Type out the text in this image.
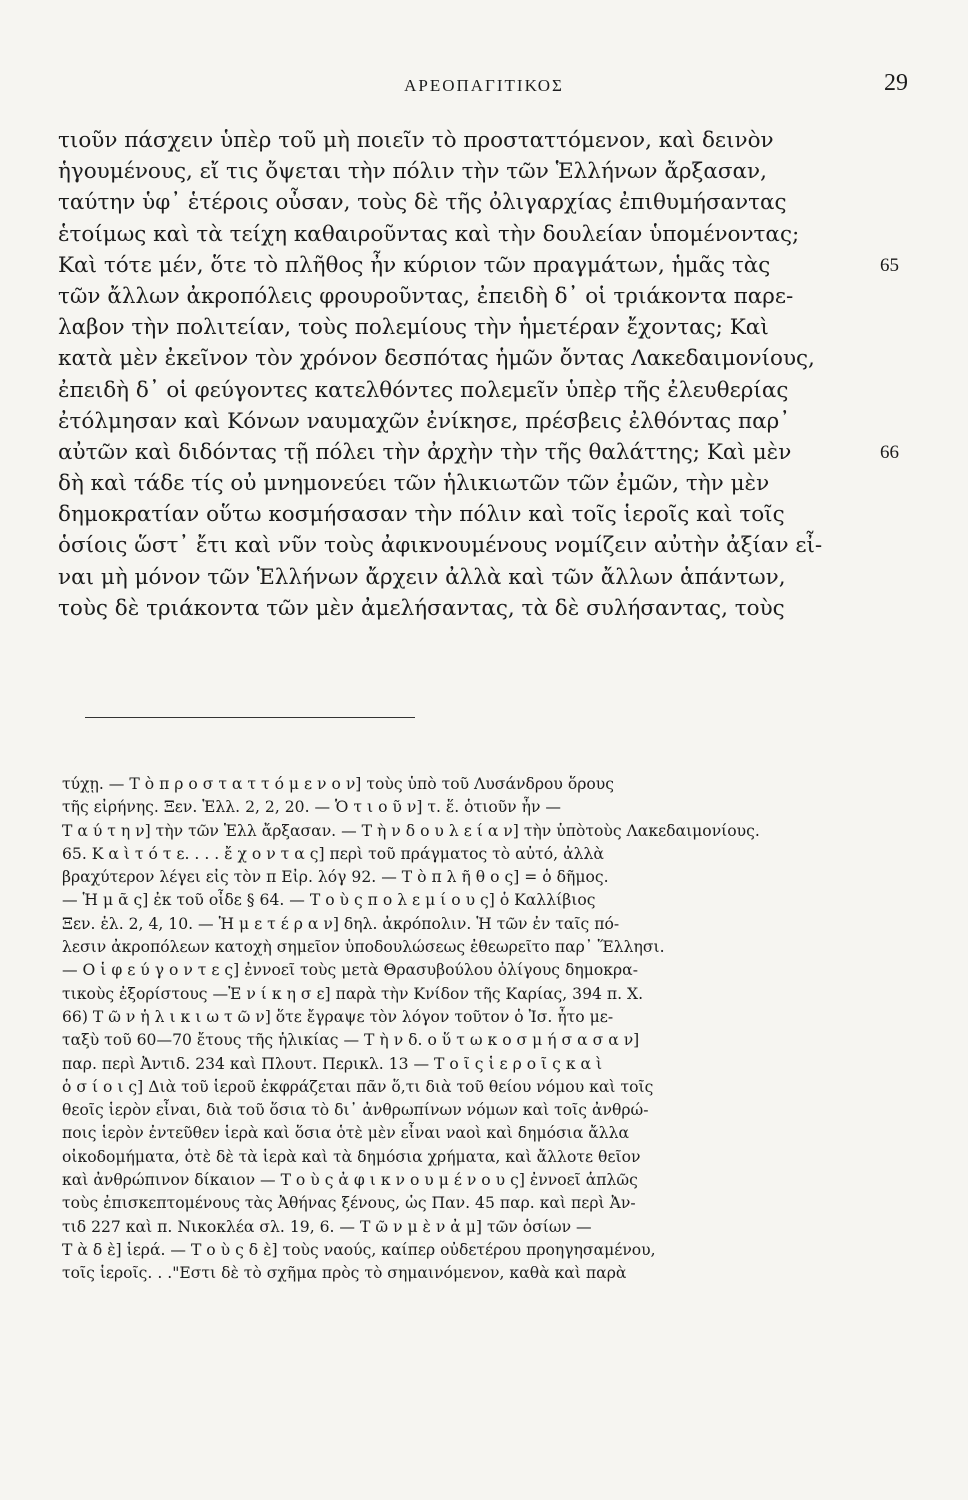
ΑΡΕΟΠΑΓΙΤΙΚΟΣ	29
τιοῦν πάσχειν ὑπὲρ τοῦ μὴ ποιεῖν τὸ προσταττόμενον, καὶ δεινὸν
ἡγουμένους, εἴ τις ὄψεται τὴν πόλιν τὴν τῶν Ἑλλήνων ἄρξασαν,
ταύτην ὑφ᾽ ἑτέροις οὖσαν, τοὺς δὲ τῆς ὀλιγαρχίας ἐπιθυμήσαντας
ἑτοίμως καὶ τὰ τείχη καθαιροῦντας καὶ τὴν δουλείαν ὑπομένοντας;
Καὶ τότε μέν, ὅτε τὸ πλῆθος ἦν κύριον τῶν πραγμάτων, ἡμᾶς τὰς	65
τῶν ἄλλων ἀκροπόλεις φρουροῦντας, ἐπειδὴ δ᾽ οἱ τριάκοντα παρε-
λαβον τὴν πολιτείαν, τοὺς πολεμίους τὴν ἡμετέραν ἔχοντας; Καὶ
κατὰ μὲν ἐκεῖνον τὸν χρόνον δεσπότας ἡμῶν ὄντας Λακεδαιμονίους,
ἐπειδὴ δ᾽ οἱ φεύγοντες κατελθόντες πολεμεῖν ὑπὲρ τῆς ἐλευθερίας
ἐτόλμησαν καὶ Κόνων ναυμαχῶν ἐνίκησε, πρέσβεις ἐλθόντας παρ᾽
αὐτῶν καὶ διδόντας τῇ πόλει τὴν ἀρχὴν τὴν τῆς θαλάττης; Καὶ μὲν	66
δὴ καὶ τάδε τίς οὐ μνημονεύει τῶν ἡλικιωτῶν τῶν ἐμῶν, τὴν μὲν
δημοκρατίαν οὕτω κοσμήσασαν τὴν πόλιν καὶ τοῖς ἱεροῖς καὶ τοῖς
ὁσίοις ὥστ᾽ ἔτι καὶ νῦν τοὺς ἀφικνουμένους νομίζειν αὐτὴν ἀξίαν εἶ-
ναι μὴ μόνον τῶν Ἑλλήνων ἄρχειν ἀλλὰ καὶ τῶν ἄλλων ἁπάντων,
τοὺς δὲ τριάκοντα τῶν μὲν ἀμελήσαντας, τὰ δὲ συλήσαντας, τοὺς
τύχῃ. — Τ ὸ π ρ ο σ τ α τ τ ό μ ε ν ο ν] τοὺς ὑπὸ τοῦ Λυσάνδρου ὅρουςτῆς εἰρήνης. Ξεν. Ἑλλ. 2, 2, 20. — Ὁ τ ι ο ῦ ν] τ. ἕ. ὁτιοῦν ἦν —Τ α ύ τ η ν] τὴν τῶν Ἑλλ ἄρξασαν. — Τ ὴ ν δ ο υ λ ε ί α ν] τὴν ὑπὸτοὺς Λακεδαιμονίους.65. Κ α ὶ τ ό τ ε. . . . ἔ χ ο ν τ α ς] περὶ τοῦ πράγματος τὸ αὐτό, ἀλλὰβραχύτερον λέγει εἰς τὸν π Εἰρ. λόγ 92. — Τ ὸ π λ ῆ θ ο ς] = ὁ δῆμος.— Ἡ μ ᾶ ς] ἐκ τοῦ οἶδε § 64. — Τ ο ὺ ς π ο λ ε μ ί ο υ ς] ὁ ΚαλλίβιοςΞεν. ἑλ. 2, 4, 10. — Ἡ μ ε τ έ ρ α ν] δηλ. ἀκρόπολιν. Ἡ τῶν ἐν ταῖς πό-λεσιν ἀκροπόλεων κατοχὴ σημεῖον ὑποδουλώσεως ἐθεωρεῖτο παρ᾽ Ἕλλησι.— Ο ἱ φ ε ύ γ ο ν τ ε ς] ἐννοεῖ τοὺς μετὰ Θρασυβούλου ὀλίγους δημοκρα-τικοὺς ἐξορίστους —Ἐ ν ί κ η σ ε] παρὰ τὴν Κνίδον τῆς Καρίας, 394 π. Χ.66) Τ ῶ ν ἡ λ ι κ ι ω τ ῶ ν] ὅτε ἔγραψε τὸν λόγον τοῦτον ὁ Ἰσ. ἦτο με-ταξὺ τοῦ 60—70 ἔτους τῆς ἡλικίας — Τ ὴ ν δ. ο ὕ τ ω κ ο σ μ ή σ α σ α ν]παρ. περὶ Ἀντιδ. 234 καὶ Πλουτ. Περικλ. 13 — Τ ο ῖ ς ἱ ε ρ ο ῖ ς κ α ὶὁ σ ί ο ι ς] Διὰ τοῦ ἱεροῦ ἐκφράζεται πᾶν ὅ,τι διὰ τοῦ θείου νόμου καὶ τοῖςθεοῖς ἱερὸν εἶναι, διὰ τοῦ ὅσια τὸ δι᾽ ἀνθρωπίνων νόμων καὶ τοῖς ἀνθρώ-ποις ἱερὸν ἐντεῦθεν ἱερὰ καὶ ὅσια ὁτὲ μὲν εἶναι ναοὶ καὶ δημόσια ἄλλαοἰκοδομήματα, ὁτὲ δὲ τὰ ἱερὰ καὶ τὰ δημόσια χρήματα, καὶ ἄλλοτε θεῖονκαὶ ἀνθρώπινον δίκαιον — Τ ο ὺ ς ἀ φ ι κ ν ο υ μ έ ν ο υ ς] ἐννοεῖ ἁπλῶςτοὺς ἐπισκεπτομένους τὰς Ἀθήνας ξένους, ὡς Παν. 45 παρ. καὶ περὶ Ἀν-τιδ 227 καὶ π. Νικοκλέα σλ. 19, 6. — Τ ῶ ν μ ὲ ν ἀ μ] τῶν ὁσίων —Τ ὰ δ ὲ] ἱερά. — Τ ο ὺ ς δ ὲ] τοὺς ναούς, καίπερ οὐδετέρου προηγησαμένου,τοῖς ἱεροῖς. . ."Εστι δὲ τὸ σχῆμα πρὸς τὸ σημαινόμενον, καθὰ καὶ παρὰ
